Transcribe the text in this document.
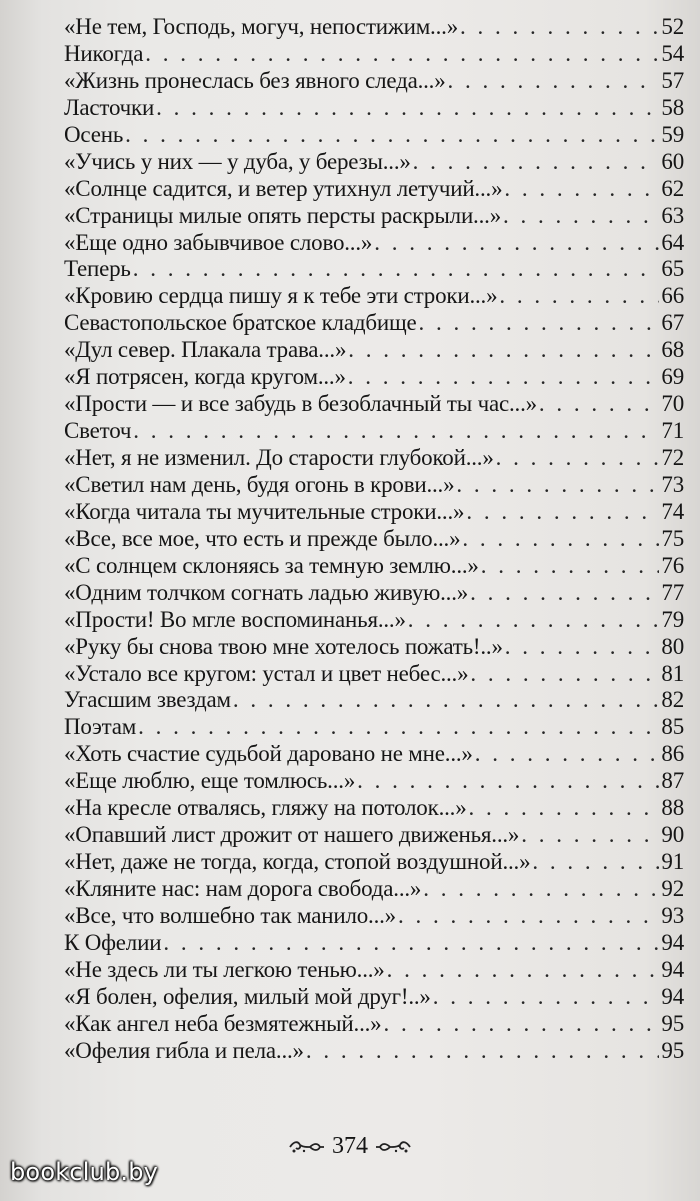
«Не тем, Господь, могуч, непостижим...» . . .	52
Никогда . . .	54
«Жизнь пронеслась без явного следа...» . . .	57
Ласточки . . .	58
Осень . . .	59
«Учись у них — у дуба, у березы...» . . .	60
«Солнце садится, и ветер утихнул летучий...» . . .	62
«Страницы милые опять персты раскрыли...» . . .	63
«Еще одно забывчивое слово...» . . .	64
Теперь . . .	65
«Кровию сердца пишу я к тебе эти строки...» . . .	66
Севастопольское братское кладбище . . .	67
«Дул север. Плакала трава...» . . .	68
«Я потрясен, когда кругом...» . . .	69
«Прости — и все забудь в безоблачный ты час...» . . .	70
Светоч . . .	71
«Нет, я не изменил. До старости глубокой...» . . .	72
«Светил нам день, будя огонь в крови...» . . .	73
«Когда читала ты мучительные строки...» . . .	74
«Все, все мое, что есть и прежде было...» . . .	75
«С солнцем склоняясь за темную землю...» . . .	76
«Одним толчком согнать ладью живую...» . . .	77
«Прости! Во мгле воспоминанья...» . . .	79
«Руку бы снова твою мне хотелось пожать!..» . . .	80
«Устало все кругом: устал и цвет небес...» . . .	81
Угасшим звездам . . .	82
Поэтам . . .	85
«Хоть счастие судьбой даровано не мне...» . . .	86
«Еще люблю, еще томлюсь...» . . .	87
«На кресле отвалясь, гляжу на потолок...» . . .	88
«Опавший лист дрожит от нашего движенья...» . . .	90
«Нет, даже не тогда, когда, стопой воздушной...» . . .	91
«Кляните нас: нам дорога свобода...» . . .	92
«Все, что волшебно так манило...» . . .	93
К Офелии . . .	94
«Не здесь ли ты легкою тенью...» . . .	94
«Я болен, офелия, милый мой друг!..» . . .	94
«Как ангел неба безмятежный...» . . .	95
«Офелия гибла и пела...» . . .	95
374
bookclub.by
